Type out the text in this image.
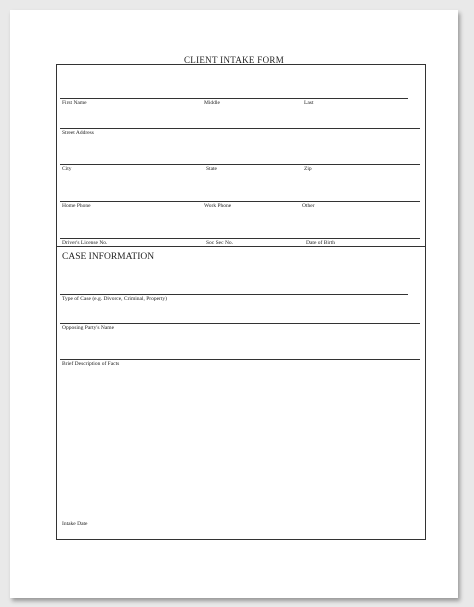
CLIENT INTAKE FORM
First Name	Middle	Last
Street Address
City	State	Zip
Home Phone	Work Phone	Other
Driver's License No.	Soc Sec No.	Date of Birth
CASE INFORMATION
Type of Case (e.g. Divorce, Criminal, Property)
Opposing Party's Name
Brief Description of Facts
Intake Date
